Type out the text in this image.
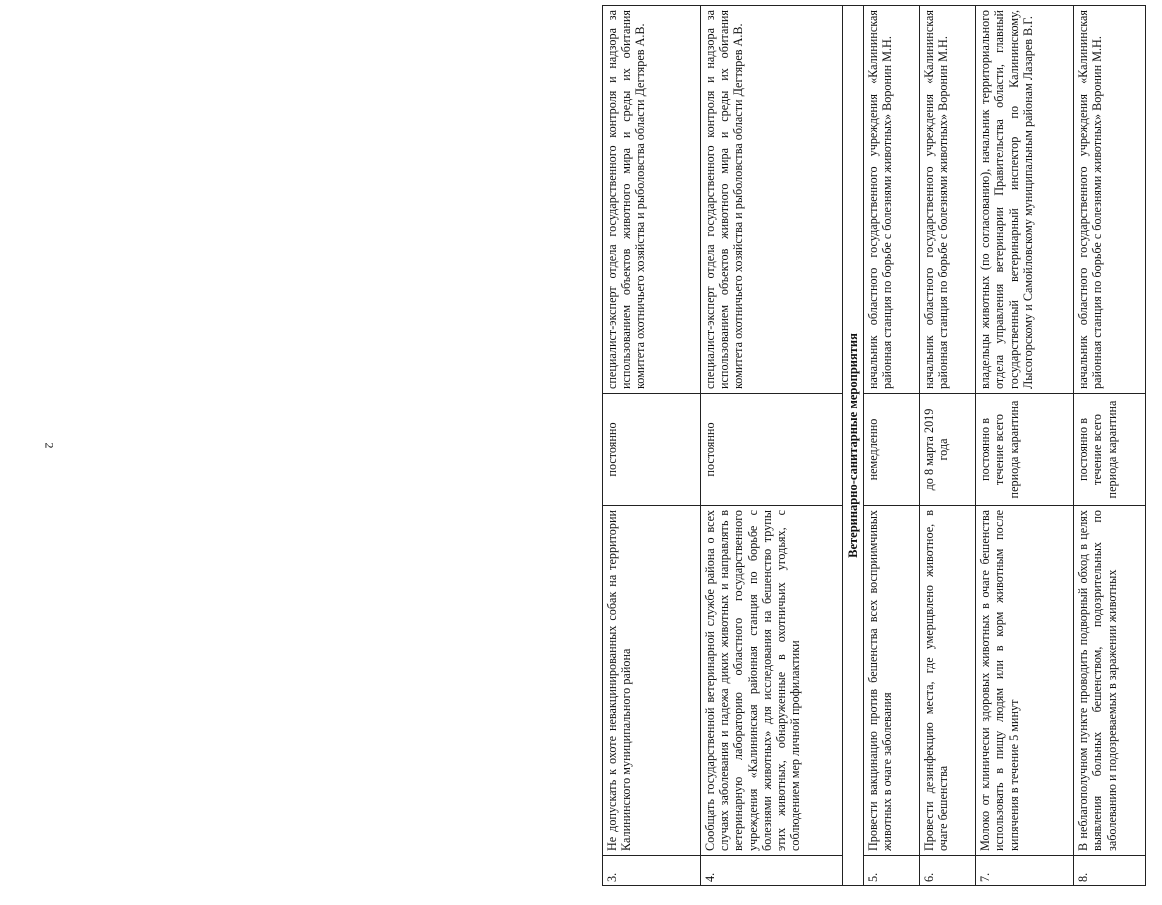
2
3.	Не допускать к охоте невакцинированных собак на территории Калининского муниципального района	постоянно	специалист-эксперт отдела государственного контроля и надзора за использованием объектов животного мира и среды их обитания комитета охотничьего хозяйства и рыболовства области Дегтярев А.В.
4.	Сообщать государственной ветеринарной службе района о всех случаях заболевания и падежа диких животных и направлять в ветеринарную лабораторию областного государственного учреждения «Калининская районная станция по борьбе с болезнями животных» для исследования на бешенство трупы этих животных, обнаруженные в охотничьих угодьях, с соблюдением мер личной профилактики	постоянно	специалист-эксперт отдела государственного контроля и надзора за использованием объектов животного мира и среды их обитания комитета охотничьего хозяйства и рыболовства области Дегтярев А.В.
Ветеринарно-санитарные мероприятия			
5.	Провести вакцинацию против бешенства всех восприимчивых животных в очаге заболевания	немедленно	начальник областного государственного учреждения «Калининская районная станция по борьбе с болезнями животных» Воронин М.Н.
6.	Провести дезинфекцию места, где умерщвлено животное, в очаге бешенства	до 8 марта 2019 года	начальник областного государственного учреждения «Калининская районная станция по борьбе с болезнями животных» Воронин М.Н.
7.	Молоко от клинически здоровых животных в очаге бешенства использовать в пищу людям или в корм животным после кипячения в течение 5 минут	постоянно в течение всего периода карантина	владельцы животных (по согласованию), начальник территориального отдела управления ветеринарии Правительства области, главный государственный ветеринарный инспектор по Калининскому, Лысогорскому и Самойловскому муниципальным районам Лазарев В.Г.
8.	В неблагополучном пункте проводить подворный обход в целях выявления больных бешенством, подозрительных по заболеванию и подозреваемых в заражении животных	постоянно в течение всего периода карантина	начальник областного государственного учреждения «Калининская районная станция по борьбе с болезнями животных» Воронин М.Н.
